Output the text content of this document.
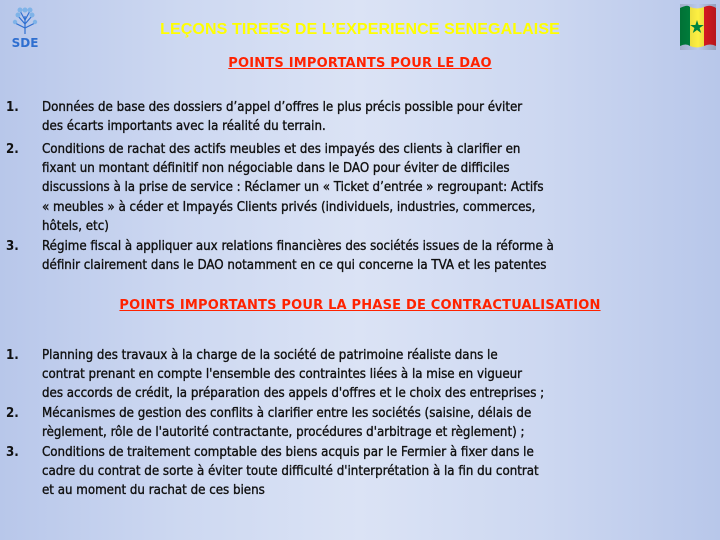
SDE
LEÇONS TIREES DE L’EXPERIENCE SENEGALAISE
POINTS IMPORTANTS POUR LE DAO
1. Données de base des dossiers d’appel d’offres le plus précis possible pour éviter
des écarts importants avec la réalité du terrain.
2. Conditions de rachat des actifs meubles et des impayés des clients à clarifier en
fixant un montant définitif non négociable dans le DAO pour éviter de difficiles
discussions à la prise de service : Réclamer un « Ticket d’entrée » regroupant: Actifs
« meubles » à céder et Impayés Clients privés (individuels, industries, commerces,
hôtels, etc)
3. Régime fiscal à appliquer aux relations financières des sociétés issues de la réforme à
définir clairement dans le DAO notamment en ce qui concerne la TVA et les patentes
POINTS IMPORTANTS POUR LA PHASE DE CONTRACTUALISATION
1. Planning des travaux à la charge de la société de patrimoine réaliste dans le
contrat prenant en compte l'ensemble des contraintes liées à la mise en vigueur
des accords de crédit, la préparation des appels d'offres et le choix des entreprises ;
2. Mécanismes de gestion des conflits à clarifier entre les sociétés (saisine, délais de
règlement, rôle de l'autorité contractante, procédures d'arbitrage et règlement) ;
3. Conditions de traitement comptable des biens acquis par le Fermier à fixer dans le
cadre du contrat de sorte à éviter toute difficulté d'interprétation à la fin du contrat
et au moment du rachat de ces biens
